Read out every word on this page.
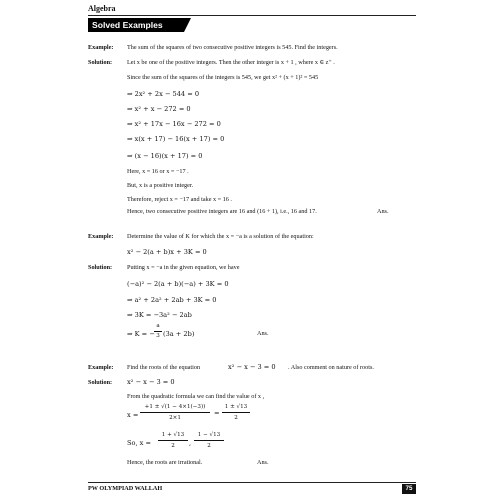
Algebra
Solved Examples
Example: The sum of the squares of two consecutive positive integers is 545. Find the integers.
Solution: Let x be one of the positive integers. Then the other integer is x + 1 , where x ∈ z⁺ .
Since the sum of the squares of the integers is 545, we get x² + (x + 1)² = 545
⇒ 2x² + 2x − 544 = 0
⇒ x² + x − 272 = 0
⇒ x² + 17x − 16x − 272 = 0
⇒ x(x + 17) − 16(x + 17) = 0
⇒ (x − 16)(x + 17) = 0
Here, x = 16 or x = −17 .
But, x is a positive integer.
Therefore, reject x = −17 and take x = 16 .
Hence, two consecutive positive integers are 16 and (16 + 1), i.e., 16 and 17.	Ans.
Example: Determine the value of K for which the x = −a is a solution of the equation:
x² − 2(a + b)x + 3K = 0
Solution: Putting x = −a in the given equation, we have
(−a)² − 2(a + b)(−a) + 3K = 0
⇒ a² + 2a² + 2ab + 3K = 0
⇒ 3K = −3a² − 2ab
⇒ K = −
a
3 (3a + 2b)	Ans.
Example: Find the roots of the equation	x² − x − 3 = 0 . Also comment on nature of roots.
Solution: x² − x − 3 = 0
From the quadratic formula we can find the value of x ,
x =
+1 ± √(1 − 4×1(−3))
2×1
=
1 ± √13
2
So, x =
1 + √13
2	,
1 − √13
2
Hence, the roots are irrational.	Ans.
PW OLYMPIAD WALLAH	75
